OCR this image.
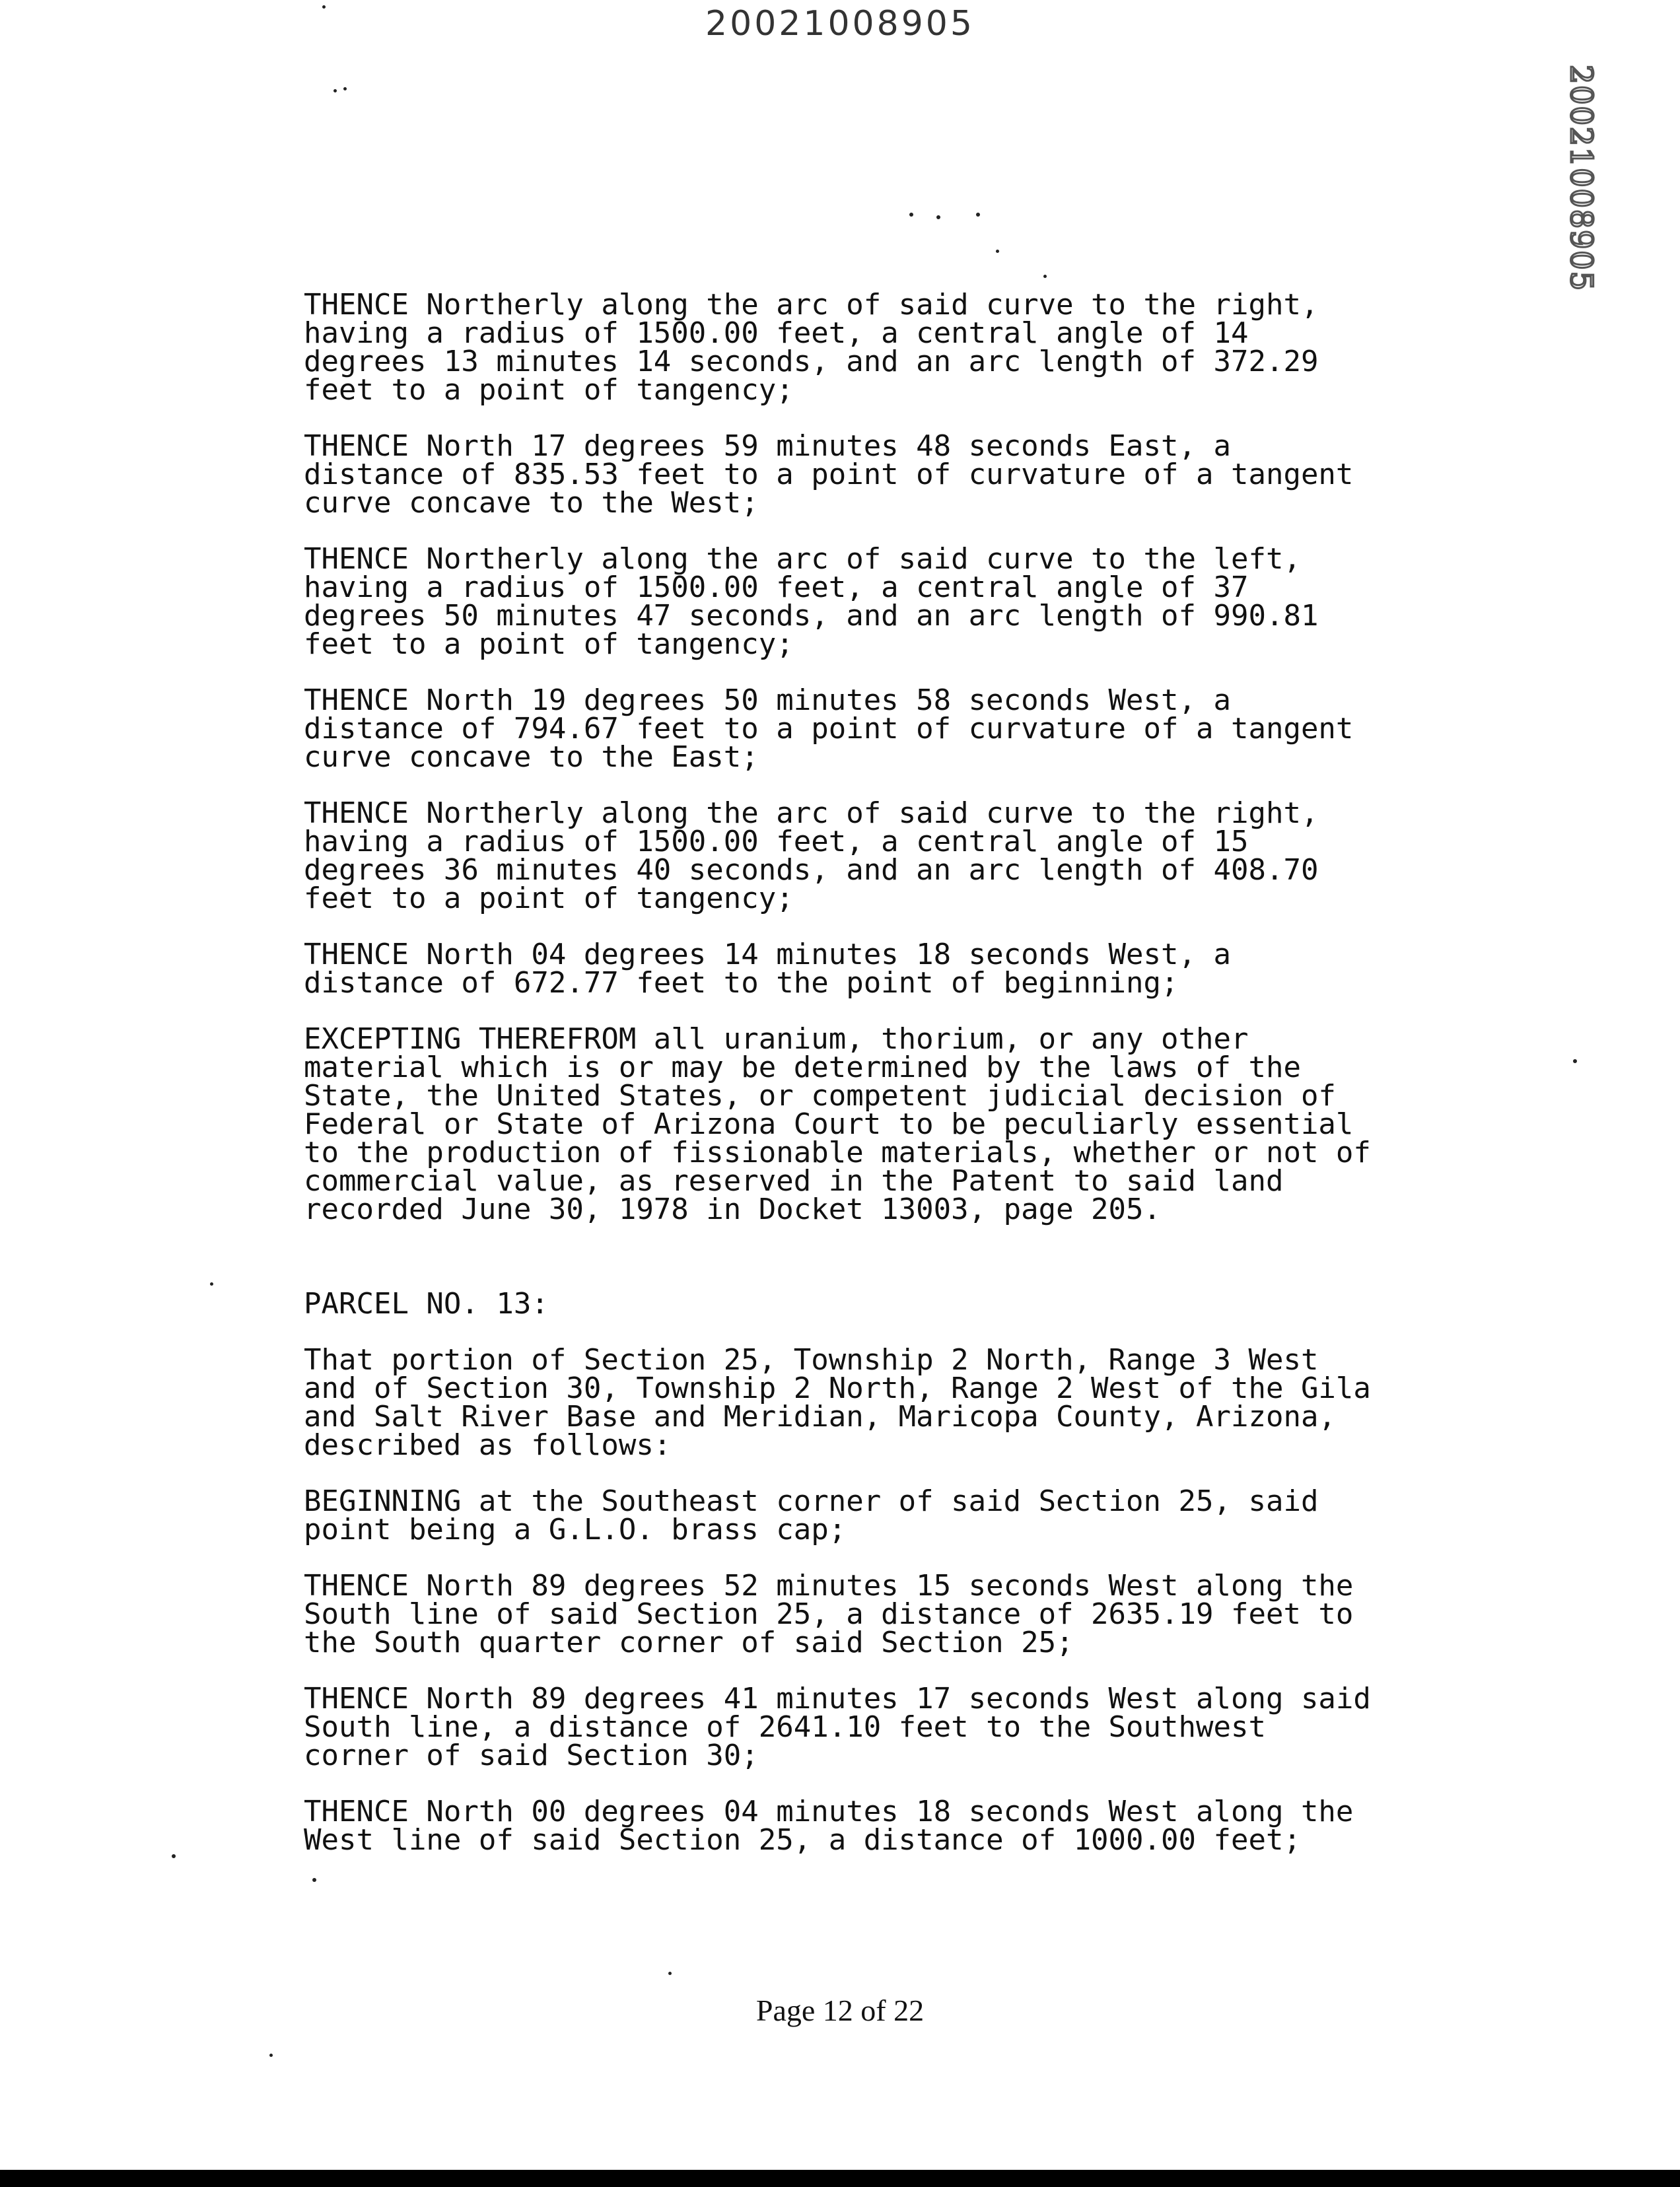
20021008905
20021008905
THENCE Northerly along the arc of said curve to the right,
having a radius of 1500.00 feet, a central angle of 14
degrees 13 minutes 14 seconds, and an arc length of 372.29
feet to a point of tangency;
THENCE North 17 degrees 59 minutes 48 seconds East, a
distance of 835.53 feet to a point of curvature of a tangent
curve concave to the West;
THENCE Northerly along the arc of said curve to the left,
having a radius of 1500.00 feet, a central angle of 37
degrees 50 minutes 47 seconds, and an arc length of 990.81
feet to a point of tangency;
THENCE North 19 degrees 50 minutes 58 seconds West, a
distance of 794.67 feet to a point of curvature of a tangent
curve concave to the East;
THENCE Northerly along the arc of said curve to the right,
having a radius of 1500.00 feet, a central angle of 15
degrees 36 minutes 40 seconds, and an arc length of 408.70
feet to a point of tangency;
THENCE North 04 degrees 14 minutes 18 seconds West, a
distance of 672.77 feet to the point of beginning;
EXCEPTING THEREFROM all uranium, thorium, or any other
material which is or may be determined by the laws of the
State, the United States, or competent judicial decision of
Federal or State of Arizona Court to be peculiarly essential
to the production of fissionable materials, whether or not of
commercial value, as reserved in the Patent to said land
recorded June 30, 1978 in Docket 13003, page 205.
PARCEL NO. 13:
That portion of Section 25, Township 2 North, Range 3 West
and of Section 30, Township 2 North, Range 2 West of the Gila
and Salt River Base and Meridian, Maricopa County, Arizona,
described as follows:
BEGINNING at the Southeast corner of said Section 25, said
point being a G.L.O. brass cap;
THENCE North 89 degrees 52 minutes 15 seconds West along the
South line of said Section 25, a distance of 2635.19 feet to
the South quarter corner of said Section 25;
THENCE North 89 degrees 41 minutes 17 seconds West along said
South line, a distance of 2641.10 feet to the Southwest
corner of said Section 30;
THENCE North 00 degrees 04 minutes 18 seconds West along the
West line of said Section 25, a distance of 1000.00 feet;
Page 12 of 22
